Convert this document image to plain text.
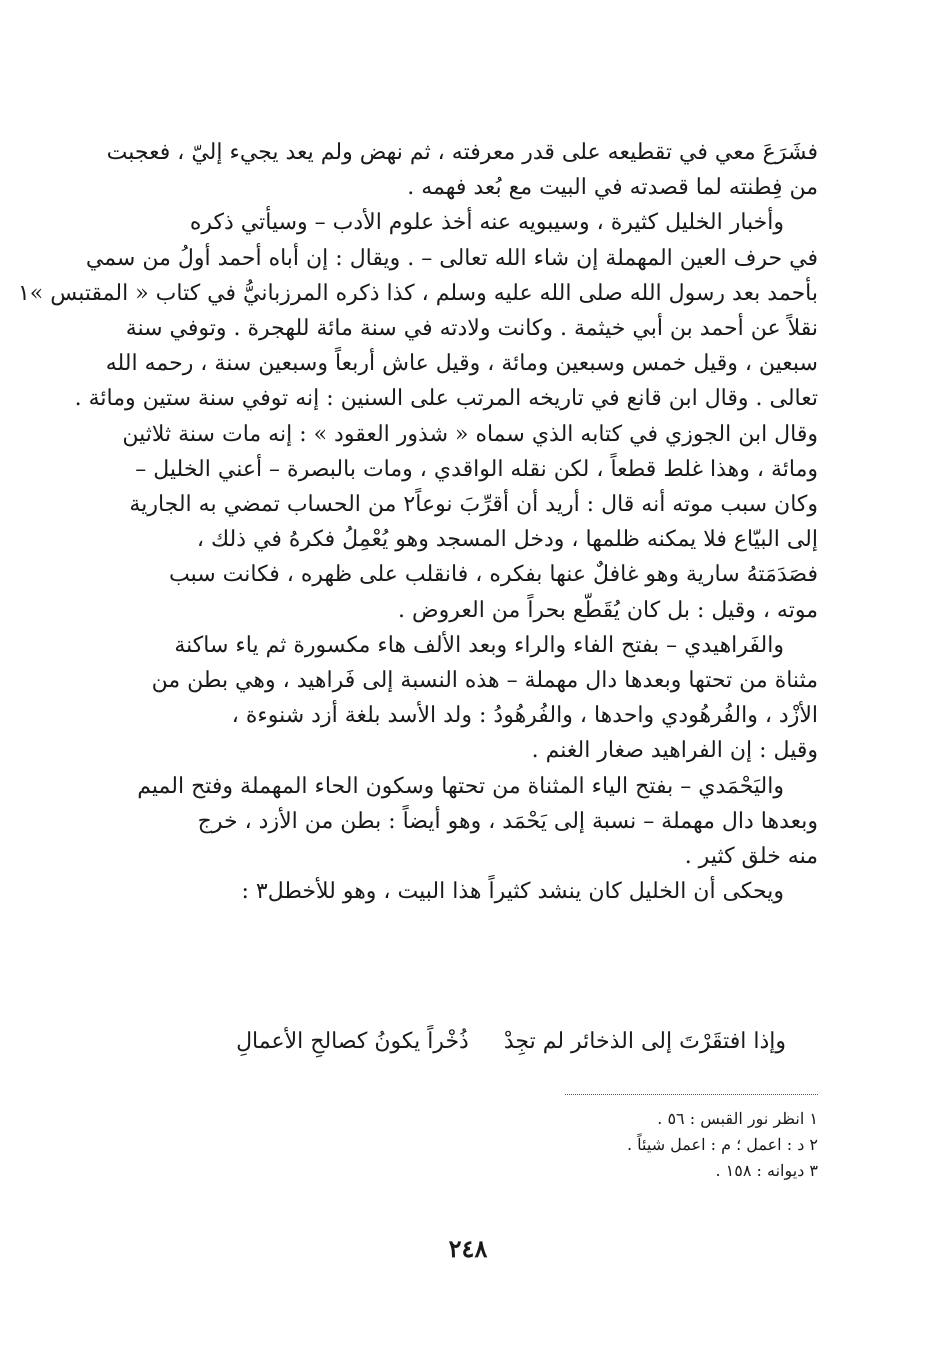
فشَرَعَ معي في تقطيعه على قدر معرفته ، ثم نهض ولم يعد يجيء إليّ ، فعجبت
من فِطنته لما قصدته في البيت مع بُعد فهمه .
وأخبار الخليل كثيرة ، وسيبويه عنه أخذ علوم الأدب – وسيأتي ذكره
في حرف العين المهملة إن شاء الله تعالى – . ويقال : إن أباه أحمد أولُ من سمي
بأحمد بعد رسول الله صلى الله عليه وسلم ، كذا ذكره المرزبانيُّ في كتاب « المقتبس »١
نقلاً عن أحمد بن أبي خيثمة . وكانت ولادته في سنة مائة للهجرة . وتوفي سنة
سبعين ، وقيل خمس وسبعين ومائة ، وقيل عاش أربعاً وسبعين سنة ، رحمه الله
تعالى . وقال ابن قانع في تاريخه المرتب على السنين : إنه توفي سنة ستين ومائة .
وقال ابن الجوزي في كتابه الذي سماه « شذور العقود » : إنه مات سنة ثلاثين
ومائة ، وهذا غلط قطعاً ، لكن نقله الواقدي ، ومات بالبصرة – أعني الخليل –
وكان سبب موته أنه قال : أريد أن أقرِّبَ نوعاً٢ من الحساب تمضي به الجارية
إلى البيّاع فلا يمكنه ظلمها ، ودخل المسجد وهو يُعْمِلُ فكرهُ في ذلك ،
فصَدَمَتهُ سارية وهو غافلٌ عنها بفكره ، فانقلب على ظهره ، فكانت سبب
موته ، وقيل : بل كان يُقَطّع بحراً من العروض .
والفَراهيدي – بفتح الفاء والراء وبعد الألف هاء مكسورة ثم ياء ساكنة
مثناة من تحتها وبعدها دال مهملة – هذه النسبة إلى فَراهيد ، وهي بطن من
الأزْد ، والفُرهُودي واحدها ، والفُرهُودُ : ولد الأسد بلغة أزد شنوءة ،
وقيل : إن الفراهيد صغار الغنم .
واليَحْمَدي – بفتح الياء المثناة من تحتها وسكون الحاء المهملة وفتح الميم
وبعدها دال مهملة – نسبة إلى يَحْمَد ، وهو أيضاً : بطن من الأزد ، خرج
منه خلق كثير .
ويحكى أن الخليل كان ينشد كثيراً هذا البيت ، وهو للأخطل٣ :
وإذا افتقَرْتَ إلى الذخائر لم تجِدْ ذُخْراً يكونُ كصالحِ الأعمالِ
١ انظر نور القبس : ٥٦ .
٢ د : اعمل ؛ م : اعمل شيئاً .
٣ ديوانه : ١٥٨ .
٢٤٨
